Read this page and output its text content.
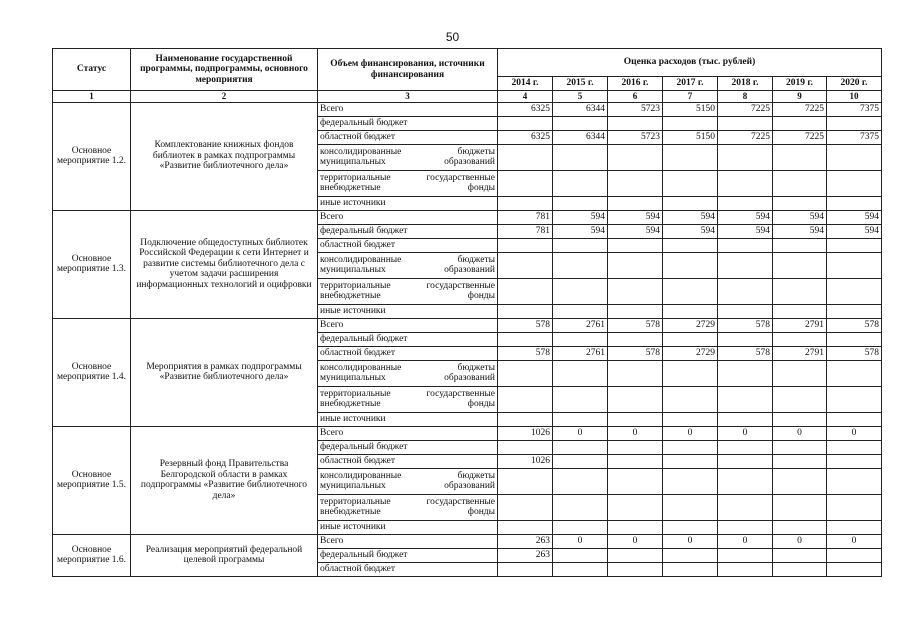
50
Статус	Наименование государственной программы, подпрограммы, основного мероприятия	Объем финансирования, источники финансирования	Оценка расходов (тыс. рублей)						
			2014 г.	2015 г.	2016 г.	2017 г.	2018 г.	2019 г.	2020 г.
1	2	3	4	5	6	7	8	9	10
Основное мероприятие 1.2.	Комплектование книжных фондов библиотек в рамках подпрограммы «Развитие библиотечного дела»	Всего	6325	6344	5723	5150	7225	7225	7375
		федеральный бюджет							
		областной бюджет	6325	6344	5723	5150	7225	7225	7375
		консолидированные бюджеты муниципальных образований							
		территориальные государственные внебюджетные фонды							
		иные источники							
Основное мероприятие 1.3.	Подключение общедоступных библиотек Российской Федерации к сети Интернет и развитие системы библиотечного дела с учетом задачи расширения информационных технологий и оцифровки	Всего	781	594	594	594	594	594	594
		федеральный бюджет	781	594	594	594	594	594	594
		областной бюджет							
		консолидированные бюджеты муниципальных образований							
		территориальные государственные внебюджетные фонды							
		иные источники							
Основное мероприятие 1.4.	Мероприятия в рамках подпрограммы «Развитие библиотечного дела»	Всего	578	2761	578	2729	578	2791	578
		федеральный бюджет							
		областной бюджет	578	2761	578	2729	578	2791	578
		консолидированные бюджеты муниципальных образований							
		территориальные государственные внебюджетные фонды							
		иные источники							
Основное мероприятие 1.5.	Резервный фонд Правительства Белгородской области в рамках подпрограммы «Развитие библиотечного дела»	Всего	1026	0	0	0	0	0	0
		федеральный бюджет							
		областной бюджет	1026						
		консолидированные бюджеты муниципальных образований							
		территориальные государственные внебюджетные фонды							
		иные источники							
Основное мероприятие 1.6.	Реализация мероприятий федеральной целевой программы	Всего	263	0	0	0	0	0	0
		федеральный бюджет	263						
		областной бюджет							
